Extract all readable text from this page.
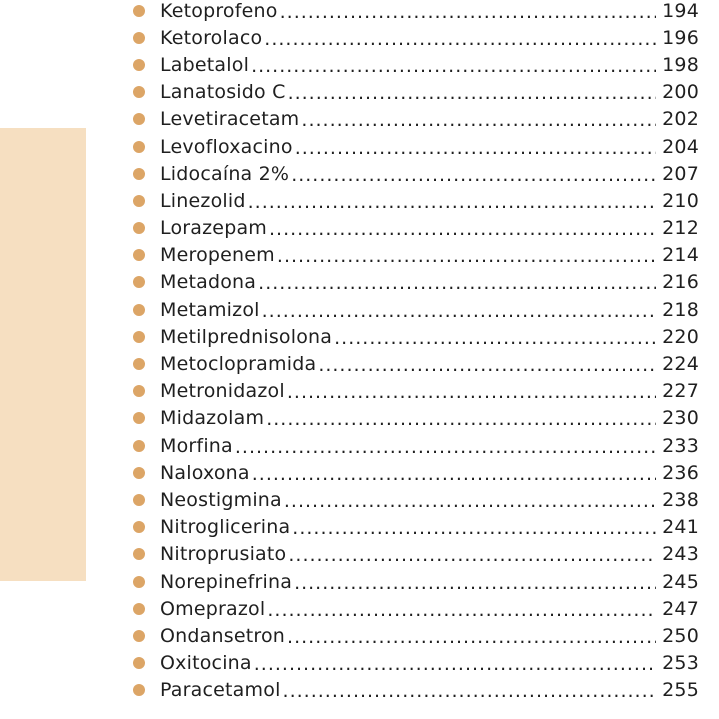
Ketoprofeno .....	194
Ketorolaco .....	196
Labetalol .....	198
Lanatosido C .....	200
Levetiracetam .....	202
Levofloxacino .....	204
Lidocaína 2% .....	207
Linezolid .....	210
Lorazepam .....	212
Meropenem .....	214
Metadona .....	216
Metamizol .....	218
Metilprednisolona .....	220
Metoclopramida .....	224
Metronidazol .....	227
Midazolam .....	230
Morfina .....	233
Naloxona .....	236
Neostigmina .....	238
Nitroglicerina .....	241
Nitroprusiato .....	243
Norepinefrina .....	245
Omeprazol .....	247
Ondansetron .....	250
Oxitocina .....	253
Paracetamol .....	255
